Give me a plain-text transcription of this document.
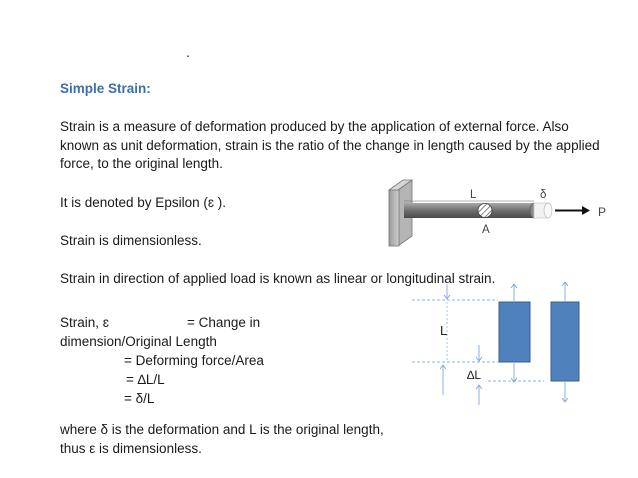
.
Simple Strain:
Strain is a measure of deformation produced by the application of external force. Also known as unit deformation, strain is the ratio of the change in length caused by the applied force, to the original length.
It is denoted by Epsilon (ɛ ).
Strain is dimensionless.
Strain in direction of applied load is known as linear or longitudinal strain.
Strain, ɛ	= Change in
dimension/Original Length
= Deforming force/Area
= ∆L/L
= δ/L
where δ is the deformation and L is the original length,
thus ε is dimensionless.
L	δ
A
P
L
∆L
